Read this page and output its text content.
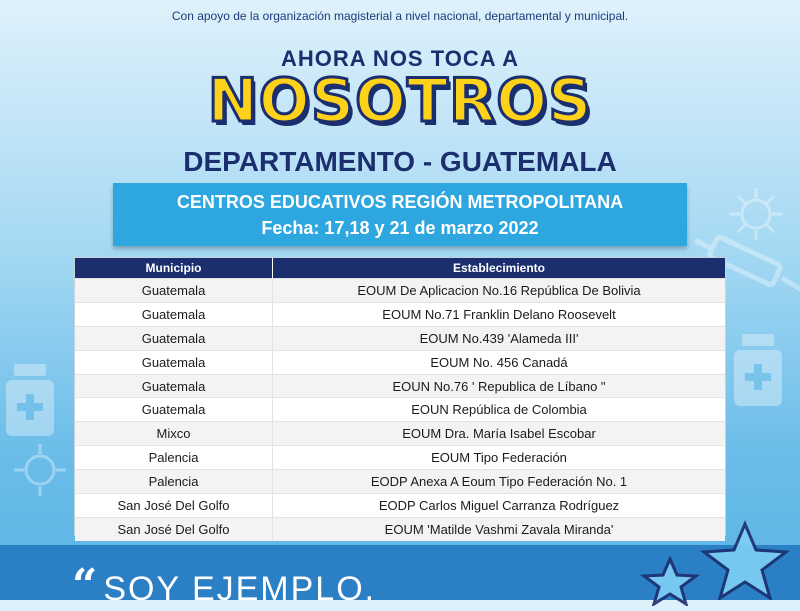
Con apoyo de la organización magisterial a nivel nacional, departamental y municipal.
AHORA NOS TOCA A
NOSOTROS
DEPARTAMENTO - GUATEMALA
CENTROS EDUCATIVOS REGIÓN METROPOLITANA
Fecha: 17,18 y 21 de marzo 2022
Municipio	Establecimiento
Guatemala	EOUM De Aplicacion No.16 República De Bolivia
Guatemala	EOUM No.71 Franklin Delano Roosevelt
Guatemala	EOUM No.439 'Alameda III'
Guatemala	EOUM No. 456 Canadá
Guatemala	EOUN No.76 ' Republica de Líbano "
Guatemala	EOUN República de Colombia
Mixco	EOUM Dra. María Isabel Escobar
Palencia	EOUM Tipo Federación
Palencia	EODP Anexa A Eoum Tipo Federación No. 1
San José Del Golfo	EODP Carlos Miguel Carranza Rodríguez
San José Del Golfo	EOUM 'Matilde Vashmi Zavala Miranda'
“ SOY EJEMPLO.
